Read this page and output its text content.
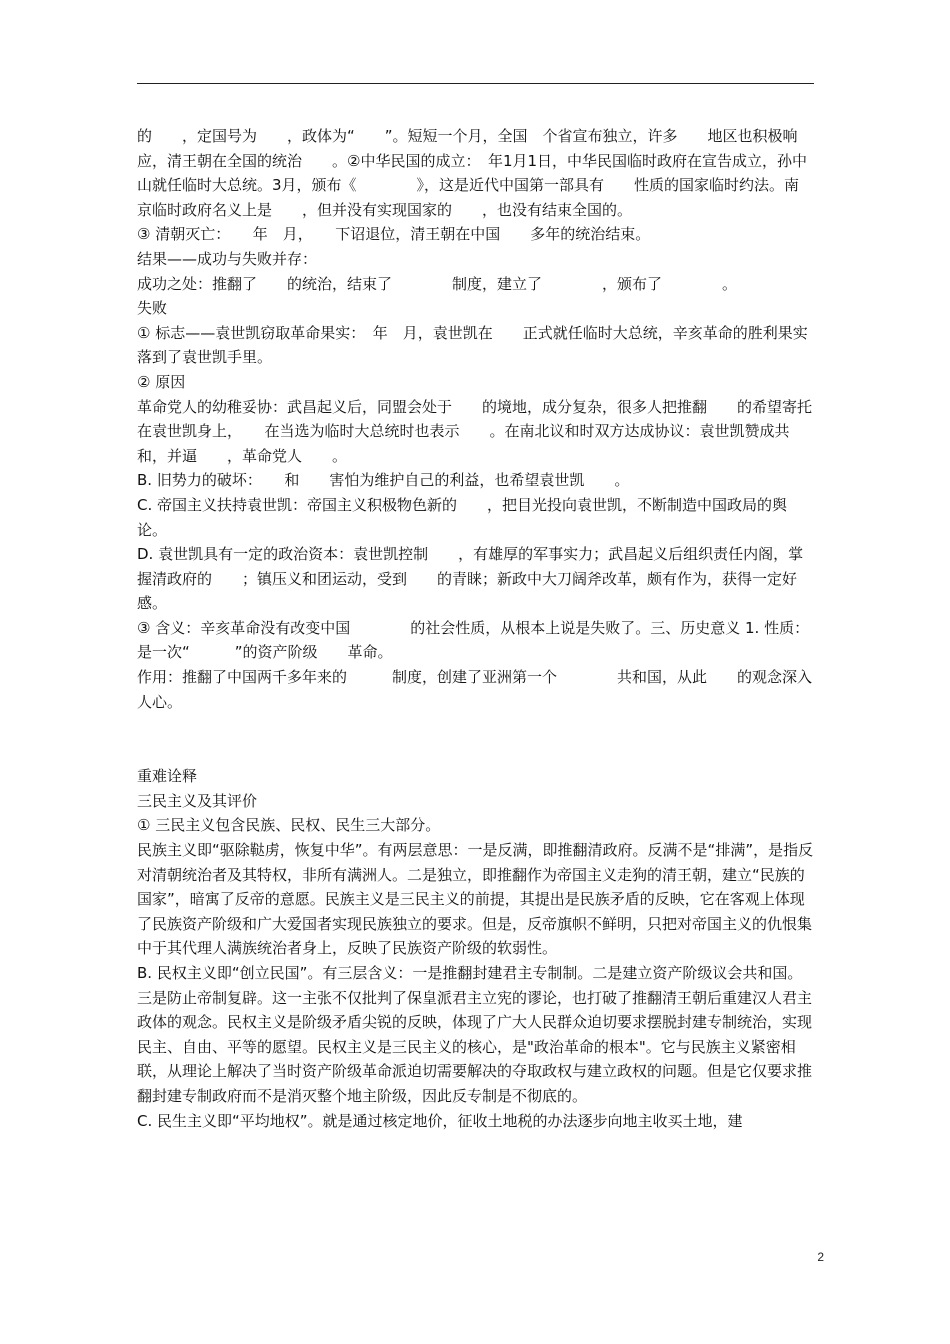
的　　，定国号为　　，政体为“　　”。短短一个月，全国　个省宣布独立，许多　　地区也积极响应，清王朝在全国的统治　　。②中华民国的成立：　年1月1日，中华民国临时政府在宣告成立，孙中山就任临时大总统。3月，颁布《　　　　》，这是近代中国第一部具有　　性质的国家临时约法。南京临时政府名义上是　　，但并没有实现国家的　　，也没有结束全国的。

③ 清朝灭亡：　　年　月，　　下诏退位，清王朝在中国　　多年的统治结束。

结果——成功与失败并存：

成功之处：推翻了　　的统治，结束了　　　　制度，建立了　　　　，颁布了　　　　。

失败

① 标志——袁世凯窃取革命果实：　年　月，袁世凯在　　正式就任临时大总统，辛亥革命的胜利果实落到了袁世凯手里。

② 原因

革命党人的幼稚妥协：武昌起义后，同盟会处于　　的境地，成分复杂，很多人把推翻　　的希望寄托在袁世凯身上，　　在当选为临时大总统时也表示　　。在南北议和时双方达成协议：袁世凯赞成共和，并逼　　，革命党人　　。

B. 旧势力的破坏：　　和　　害怕为维护自己的利益，也希望袁世凯　　。

C. 帝国主义扶持袁世凯：帝国主义积极物色新的　　，把目光投向袁世凯，不断制造中国政局的舆论。

D. 袁世凯具有一定的政治资本：袁世凯控制　　，有雄厚的军事实力；武昌起义后组织责任内阁，掌握清政府的　　；镇压义和团运动，受到　　的青睐；新政中大刀阔斧改革，颇有作为，获得一定好感。

③ 含义：辛亥革命没有改变中国　　　　的社会性质，从根本上说是失败了。三、历史意义 1. 性质：是一次“　　　”的资产阶级　　革命。

作用：推翻了中国两千多年来的　　　制度，创建了亚洲第一个　　　　共和国，从此　　的观念深入人心。

重难诠释

三民主义及其评价

① 三民主义包含民族、民权、民生三大部分。

民族主义即“驱除鞑虏，恢复中华”。有两层意思：一是反满，即推翻清政府。反满不是“排满”，是指反对清朝统治者及其特权，非所有满洲人。二是独立，即推翻作为帝国主义走狗的清王朝，建立“民族的国家”，暗寓了反帝的意愿。民族主义是三民主义的前提，其提出是民族矛盾的反映，它在客观上体现了民族资产阶级和广大爱国者实现民族独立的要求。但是，反帝旗帜不鲜明，只把对帝国主义的仇恨集中于其代理人满族统治者身上，反映了民族资产阶级的软弱性。

B. 民权主义即“创立民国”。有三层含义：一是推翻封建君主专制制。二是建立资产阶级议会共和国。三是防止帝制复辟。这一主张不仅批判了保皇派君主立宪的谬论，也打破了推翻清王朝后重建汉人君主政体的观念。民权主义是阶级矛盾尖锐的反映，体现了广大人民群众迫切要求摆脱封建专制统治，实现民主、自由、平等的愿望。民权主义是三民主义的核心，是"政治革命的根本"。它与民族主义紧密相联，从理论上解决了当时资产阶级革命派迫切需要解决的夺取政权与建立政权的问题。但是它仅要求推翻封建专制政府而不是消灭整个地主阶级，因此反专制是不彻底的。

C. 民生主义即“平均地权”。就是通过核定地价，征收土地税的办法逐步向地主收买土地，建

2
